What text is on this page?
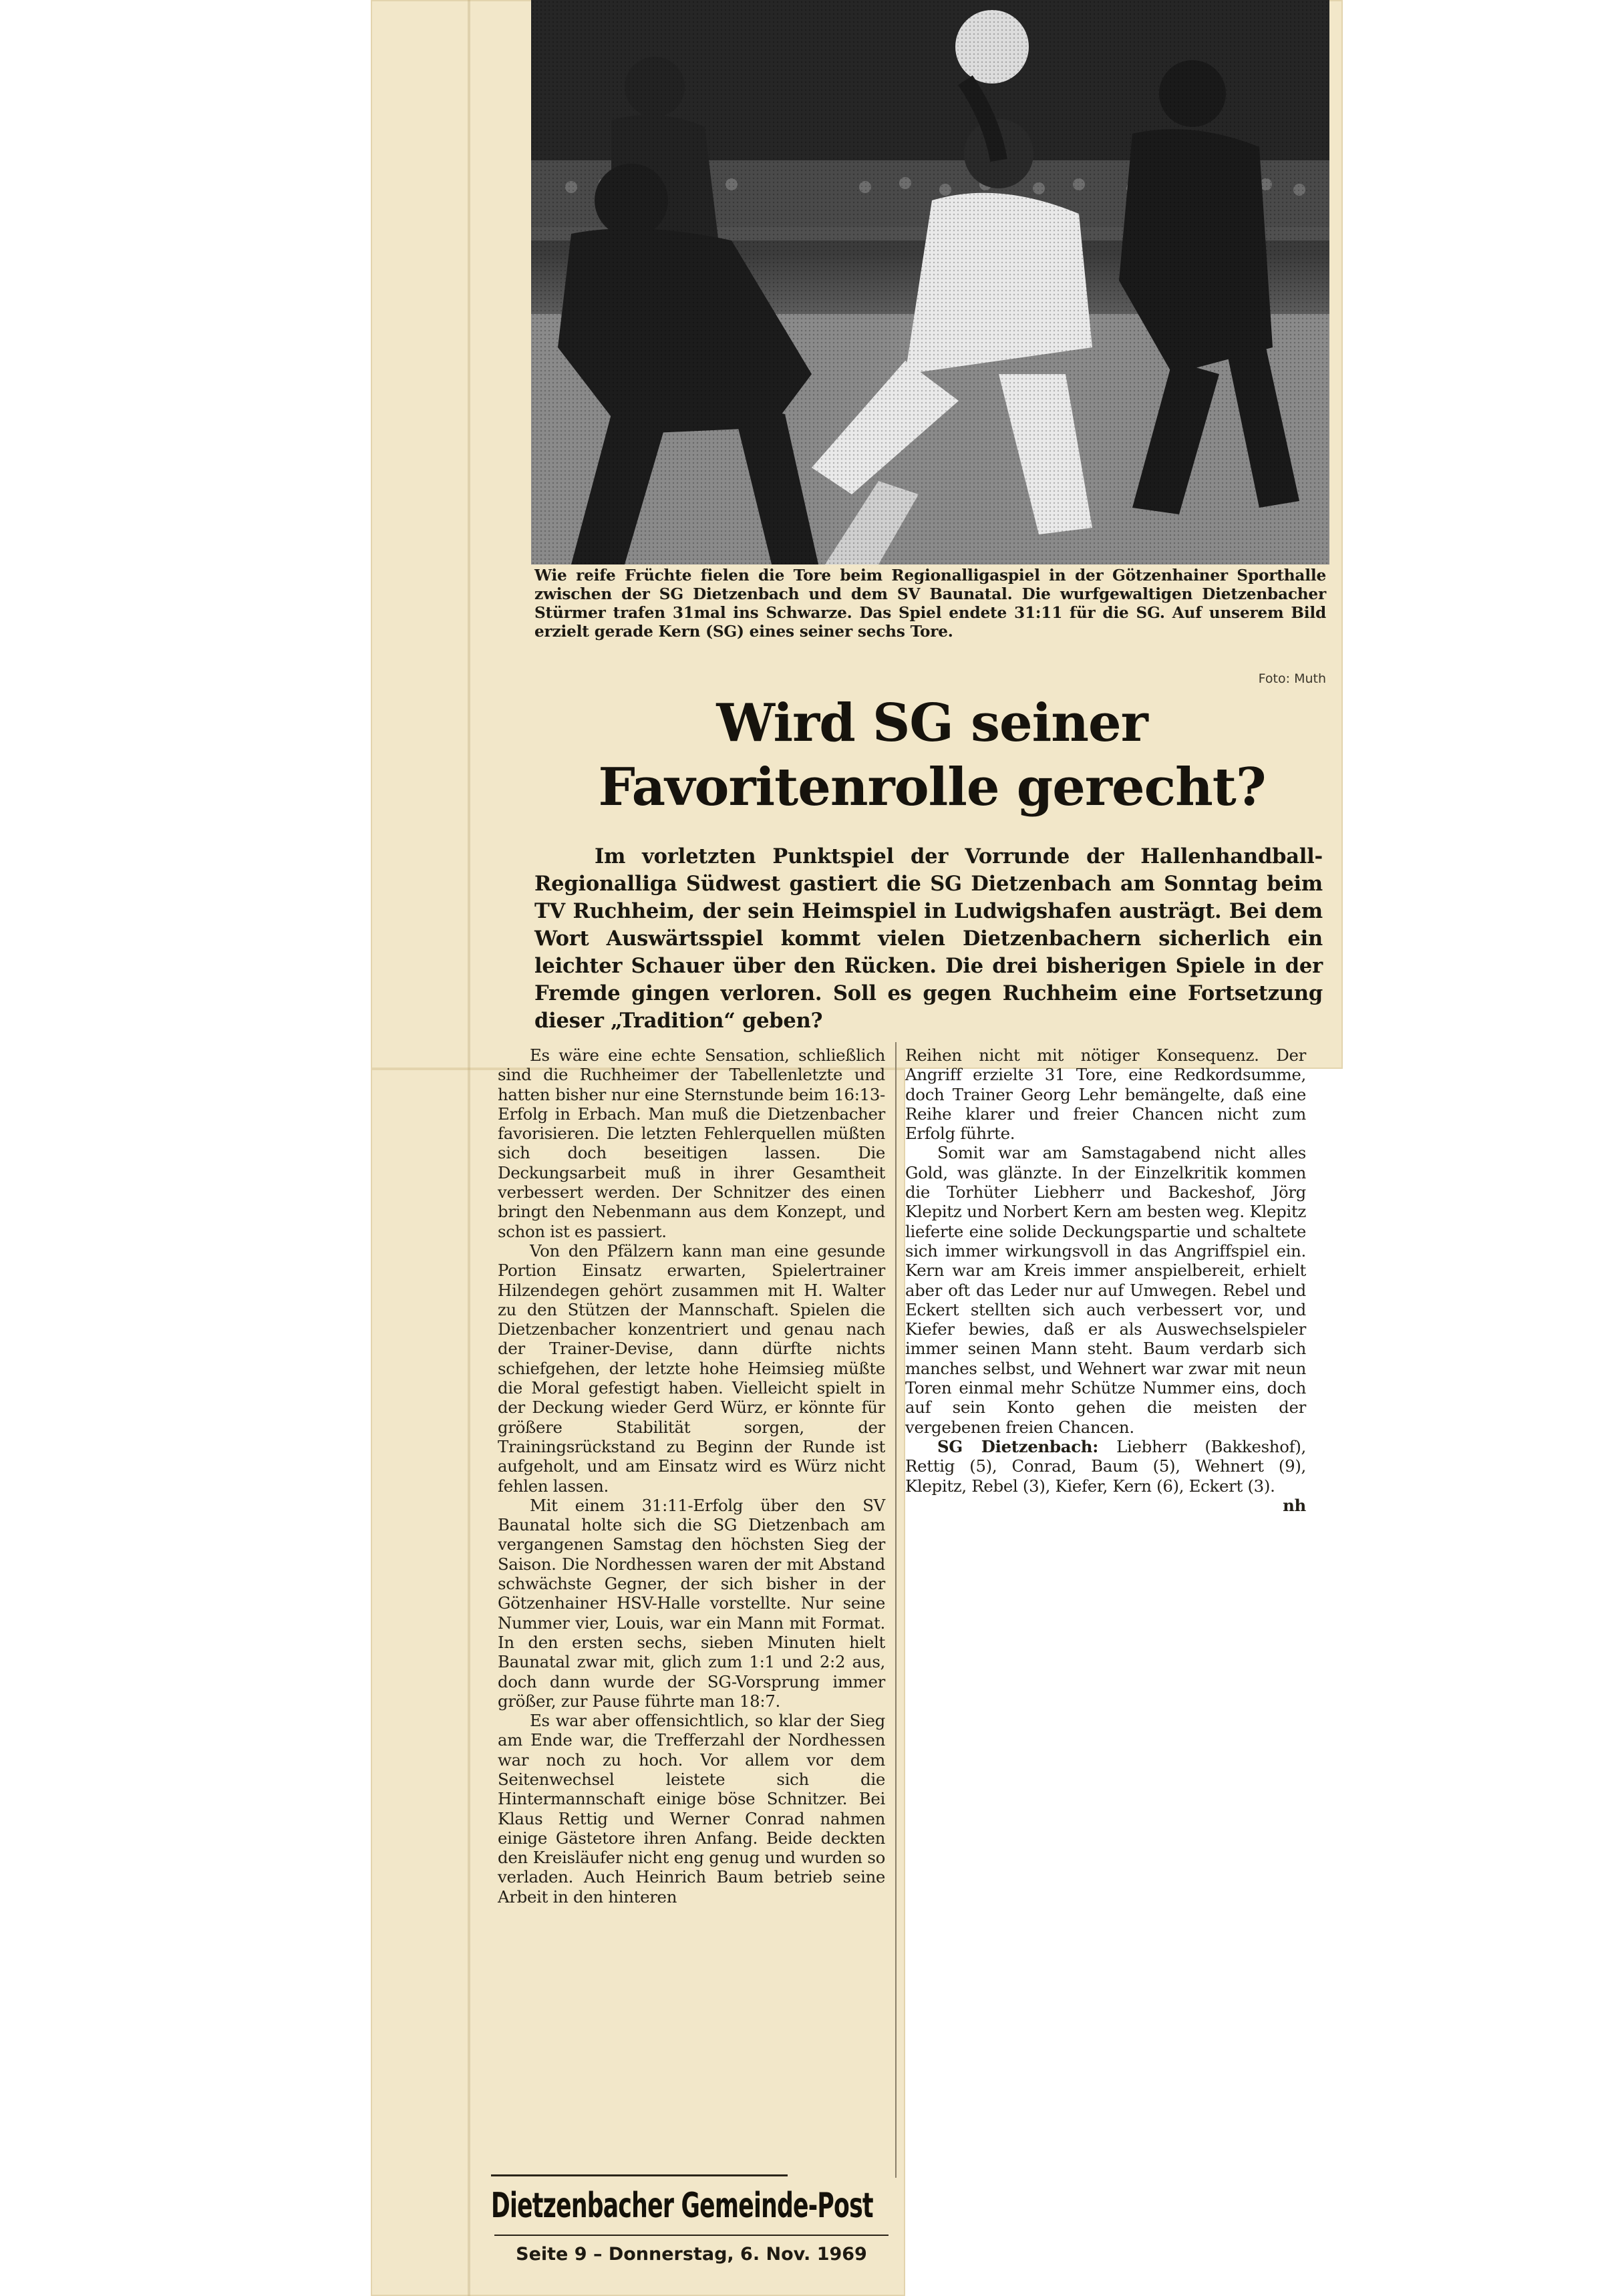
Wie reife Früchte fielen die Tore beim Regionalligaspiel in der Götzenhainer Sporthalle zwischen der SG Dietzenbach und dem SV Baunatal. Die wurfgewaltigen Dietzenbacher Stürmer trafen 31mal ins Schwarze. Das Spiel endete 31:11 für die SG. Auf unserem Bild erzielt gerade Kern (SG) eines seiner sechs Tore.
Foto: Muth
Wird SG seiner
Favoritenrolle gerecht?

Im vorletzten Punktspiel der Vorrunde der Hallenhandball-Regionalliga Südwest gastiert die SG Dietzenbach am Sonntag beim TV Ruchheim, der sein Heimspiel in Ludwigshafen austrägt. Bei dem Wort Auswärtsspiel kommt vielen Dietzenbachern sicherlich ein leichter Schauer über den Rücken. Die drei bisherigen Spiele in der Fremde gingen verloren. Soll es gegen Ruchheim eine Fortsetzung dieser „Tradition“ geben?

Es wäre eine echte Sensation, schließlich sind die Ruchheimer der Tabellenletzte und hatten bisher nur eine Sternstunde beim 16:13-Erfolg in Erbach. Man muß die Dietzenbacher favorisieren. Die letzten Fehlerquellen müßten sich doch beseitigen lassen. Die Deckungsarbeit muß in ihrer Gesamtheit verbessert werden. Der Schnitzer des einen bringt den Nebenmann aus dem Konzept, und schon ist es passiert.

Von den Pfälzern kann man eine gesunde Portion Einsatz erwarten, Spielertrainer Hilzendegen gehört zusammen mit H. Walter zu den Stützen der Mannschaft. Spielen die Dietzenbacher konzentriert und genau nach der Trainer-Devise, dann dürfte nichts schiefgehen, der letzte hohe Heimsieg müßte die Moral gefestigt haben. Vielleicht spielt in der Deckung wieder Gerd Würz, er könnte für größere Stabilität sorgen, der Trainingsrückstand zu Beginn der Runde ist aufgeholt, und am Einsatz wird es Würz nicht fehlen lassen.

Mit einem 31:11-Erfolg über den SV Baunatal holte sich die SG Dietzenbach am vergangenen Samstag den höchsten Sieg der Saison. Die Nordhessen waren der mit Abstand schwächste Gegner, der sich bisher in der Götzenhainer HSV-Halle vorstellte. Nur seine Nummer vier, Louis, war ein Mann mit Format. In den ersten sechs, sieben Minuten hielt Baunatal zwar mit, glich zum 1:1 und 2:2 aus, doch dann wurde der SG-Vorsprung immer größer, zur Pause führte man 18:7.

Es war aber offensichtlich, so klar der Sieg am Ende war, die Trefferzahl der Nordhessen war noch zu hoch. Vor allem vor dem Seitenwechsel leistete sich die Hintermannschaft einige böse Schnitzer. Bei Klaus Rettig und Werner Conrad nahmen einige Gästetore ihren Anfang. Beide deckten den Kreisläufer nicht eng genug und wurden so verladen. Auch Heinrich Baum betrieb seine Arbeit in den hinteren

Reihen nicht mit nötiger Konsequenz. Der Angriff erzielte 31 Tore, eine Redkordsumme, doch Trainer Georg Lehr bemängelte, daß eine Reihe klarer und freier Chancen nicht zum Erfolg führte.

Somit war am Samstagabend nicht alles Gold, was glänzte. In der Einzelkritik kommen die Torhüter Liebherr und Backeshof, Jörg Klepitz und Norbert Kern am besten weg. Klepitz lieferte eine solide Deckungspartie und schaltete sich immer wirkungsvoll in das Angriffspiel ein. Kern war am Kreis immer anspielbereit, erhielt aber oft das Leder nur auf Umwegen. Rebel und Eckert stellten sich auch verbessert vor, und Kiefer bewies, daß er als Auswechselspieler immer seinen Mann steht. Baum verdarb sich manches selbst, und Wehnert war zwar mit neun Toren einmal mehr Schütze Nummer eins, doch auf sein Konto gehen die meisten der vergebenen freien Chancen.

SG Dietzenbach: Liebherr (Bakkeshof), Rettig (5), Conrad, Baum (5), Wehnert (9), Klepitz, Rebel (3), Kiefer, Kern (6), Eckert (3).
nh

Dietzenbacher Gemeinde-Post
Seite 9 – Donnerstag, 6. Nov. 1969
